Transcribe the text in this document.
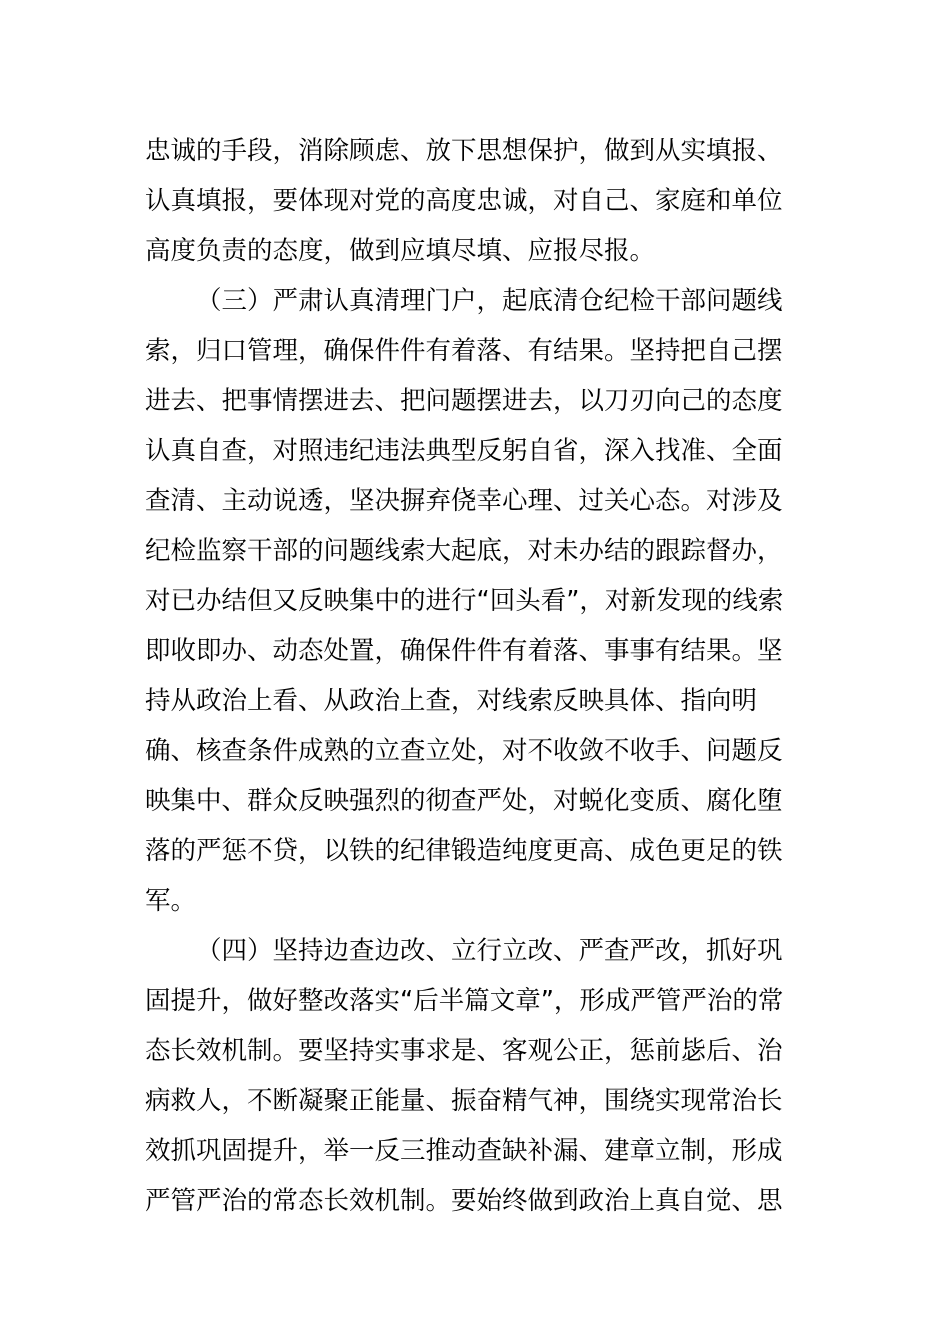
忠诚的手段，消除顾虑、放下思想保护，做到从实填报、
认真填报，要体现对党的高度忠诚，对自己、家庭和单位
高度负责的态度，做到应填尽填、应报尽报。
（三）严肃认真清理门户，起底清仓纪检干部问题线
索，归口管理，确保件件有着落、有结果。坚持把自己摆
进去、把事情摆进去、把问题摆进去，以刀刃向己的态度
认真自查，对照违纪违法典型反躬自省，深入找准、全面
查清、主动说透，坚决摒弃侥幸心理、过关心态。对涉及
纪检监察干部的问题线索大起底，对未办结的跟踪督办，
对已办结但又反映集中的进行“回头看”，对新发现的线索
即收即办、动态处置，确保件件有着落、事事有结果。坚
持从政治上看、从政治上查，对线索反映具体、指向明
确、核查条件成熟的立查立处，对不收敛不收手、问题反
映集中、群众反映强烈的彻查严处，对蜕化变质、腐化堕
落的严惩不贷，以铁的纪律锻造纯度更高、成色更足的铁
军。
（四）坚持边查边改、立行立改、严查严改，抓好巩
固提升，做好整改落实“后半篇文章”，形成严管严治的常
态长效机制。要坚持实事求是、客观公正，惩前毖后、治
病救人，不断凝聚正能量、振奋精气神，围绕实现常治长
效抓巩固提升，举一反三推动查缺补漏、建章立制，形成
严管严治的常态长效机制。要始终做到政治上真自觉、思
